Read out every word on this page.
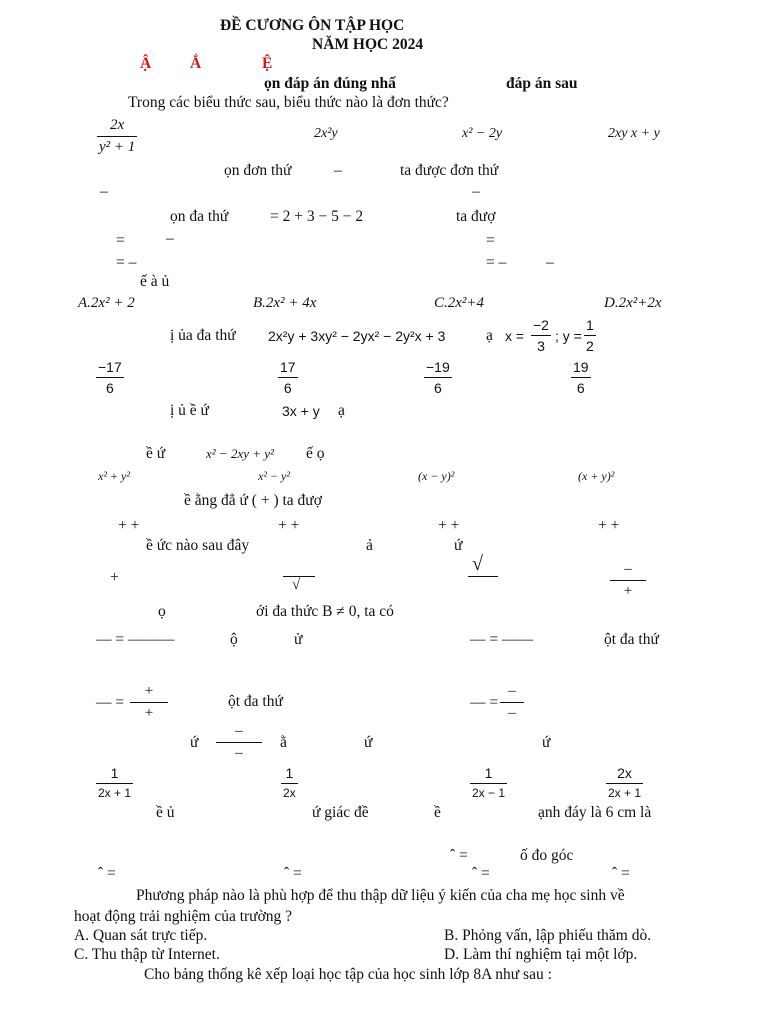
ĐỀ CƯƠNG ÔN TẬP HỌC
NĂM HỌC 2024
Ậ	Ắ	Ệ
ọn đáp án đúng nhấ	đáp án sau
Trong các biểu thức sau, biểu thức nào là đơn thức?
$\frac{2x}{\text{y² + 1}}$	2x²y	x² − 2y	2xy x + y
ọn đơn thứ	–	ta được đơn thứ
–	–
ọn đa thứ	= 2 + 3 − 5 − 2	ta đượ
=	–	=
= –	= –	–
ế à ủ
A.2x² + 2	B.2x² + 4x	C.2x²+4	D.2x²+2x
ị ủa đa thứ 2x²y + 3xy² − 2yx² − 2y²x + 3	ạ $x = \frac{-2}{3}$ ; $y = \frac{1}{2}$
$\frac{-17}{6}$	$\frac{17}{6}$	$\frac{-19}{6}$	$\frac{19}{6}$
ị ủ ề ứ	3x + y ạ
ề ứ	x² − 2xy + y² ế ọ
x² + y²	x² − y²	(x − y)²	(x + y)²
ề ằng đẳ ứ ( + ) ta đượ
+ +	+ +	+ +	+ +
ề ức nào sau đây	ả	ứ
+	√
√	–
+
ọ	ới đa thức B ≠ 0, ta có
— = ———	ộ	ử	— = ——	ột đa thứ
— =
+
+
ột đa thứ	— =
–
–
ứ
–
–
ằ	ứ	ứ
$\frac{1}{2x + 1}$	$\frac{1}{2x}$	$\frac{1}{2x - 1}$	$\frac{2x}{2x + 1}$
ề ủ	ứ giác đề	ề	ạnh đáy là 6 cm là
ˆ =	ố đo góc
ˆ =	ˆ =	ˆ =	ˆ =
Phương pháp nào là phù hợp để thu thập dữ liệu ý kiến của cha mẹ học sinh về
hoạt động trải nghiệm của trường ?
A. Quan sát trực tiếp.	B. Phỏng vấn, lập phiếu thăm dò.
C. Thu thập từ Internet.	D. Làm thí nghiệm tại một lớp.
Cho bảng thống kê xếp loại học tập của học sinh lớp 8A như sau :
